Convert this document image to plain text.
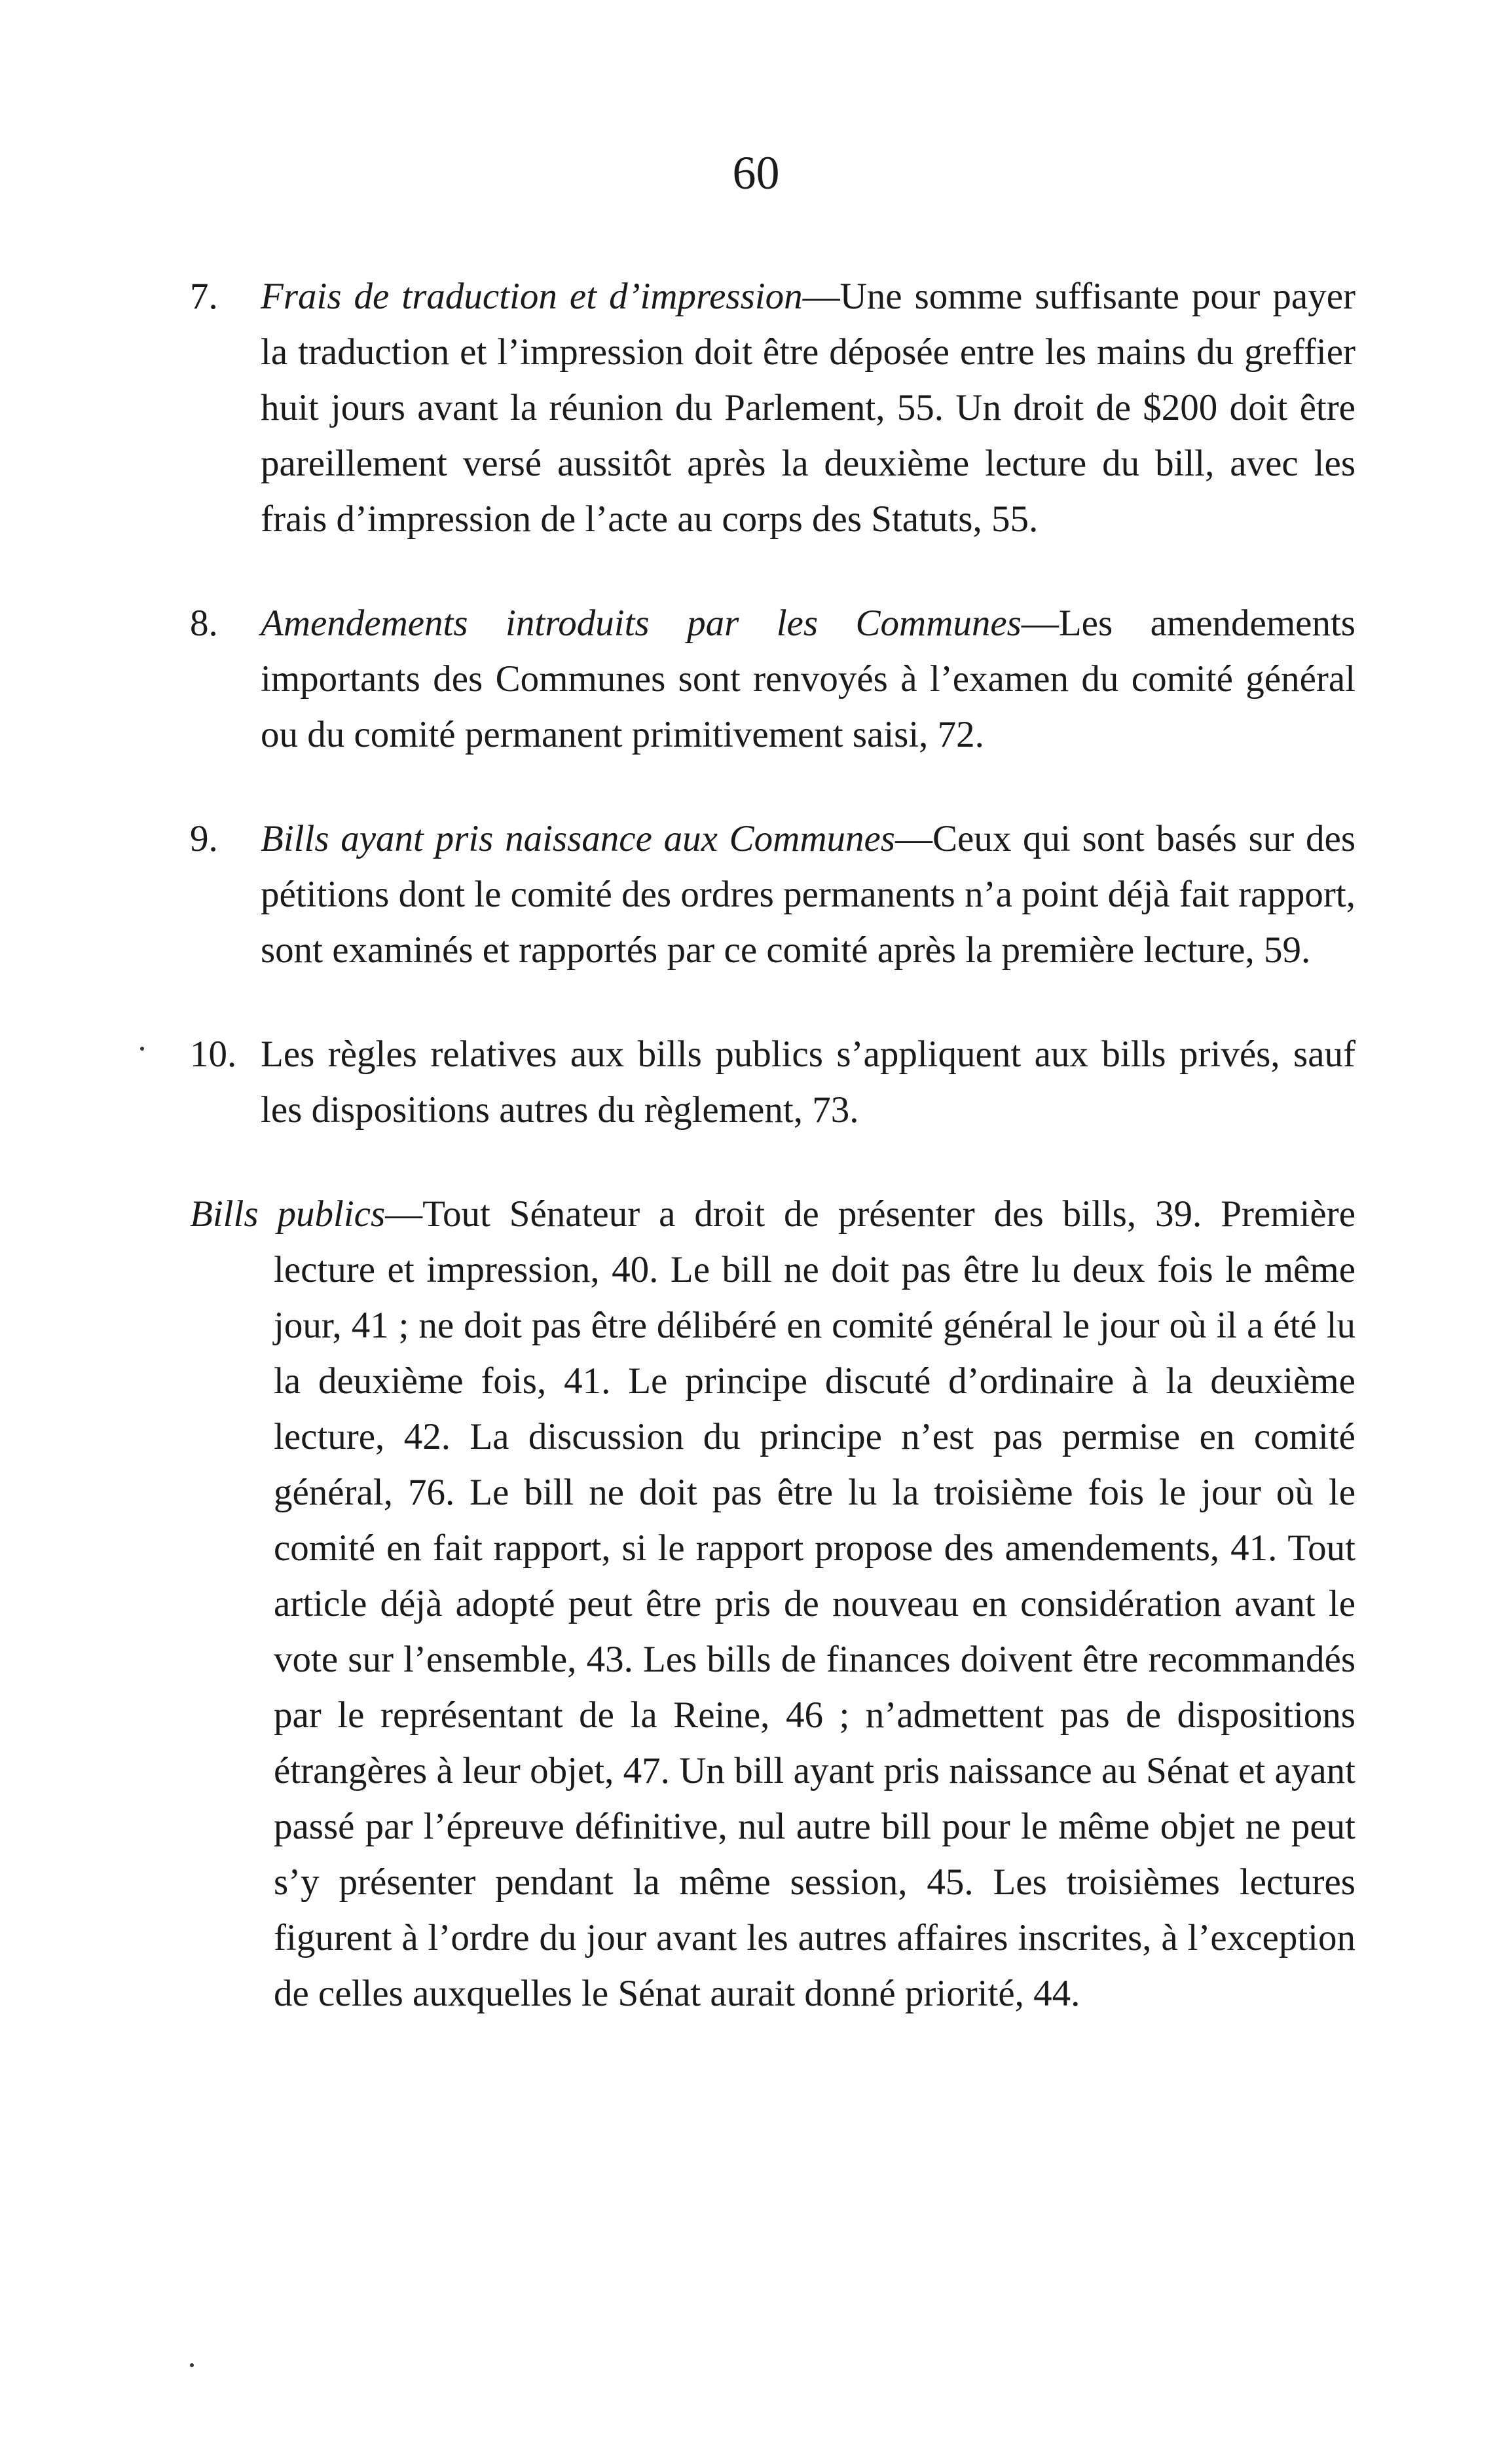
60

7. Frais de traduction et d’impression—Une somme suffisante pour payer la traduction et l’impression doit être déposée entre les mains du greffier huit jours avant la réunion du Parlement, 55. Un droit de $200 doit être pareillement versé aussitôt après la deuxième lecture du bill, avec les frais d’impression de l’acte au corps des Statuts, 55.

8. Amendements introduits par les Communes—Les amendements importants des Communes sont renvoyés à l’examen du comité général ou du comité permanent primitivement saisi, 72.

9. Bills ayant pris naissance aux Communes—Ceux qui sont basés sur des pétitions dont le comité des ordres permanents n’a point déjà fait rapport, sont examinés et rapportés par ce comité après la première lecture, 59.

10. Les règles relatives aux bills publics s’appliquent aux bills privés, sauf les dispositions autres du règlement, 73.

Bills publics—Tout Sénateur a droit de présenter des bills, 39. Première lecture et impression, 40. Le bill ne doit pas être lu deux fois le même jour, 41 ; ne doit pas être délibéré en comité général le jour où il a été lu la deuxième fois, 41. Le principe discuté d’ordinaire à la deuxième lecture, 42. La discussion du principe n’est pas permise en comité général, 76. Le bill ne doit pas être lu la troisième fois le jour où le comité en fait rapport, si le rapport propose des amendements, 41. Tout article déjà adopté peut être pris de nouveau en considération avant le vote sur l’ensemble, 43. Les bills de finances doivent être recommandés par le représentant de la Reine, 46 ; n’admettent pas de dispositions étrangères à leur objet, 47. Un bill ayant pris naissance au Sénat et ayant passé par l’épreuve définitive, nul autre bill pour le même objet ne peut s’y présenter pendant la même session, 45. Les troisièmes lectures figurent à l’ordre du jour avant les autres affaires inscrites, à l’exception de celles auxquelles le Sénat aurait donné priorité, 44.
